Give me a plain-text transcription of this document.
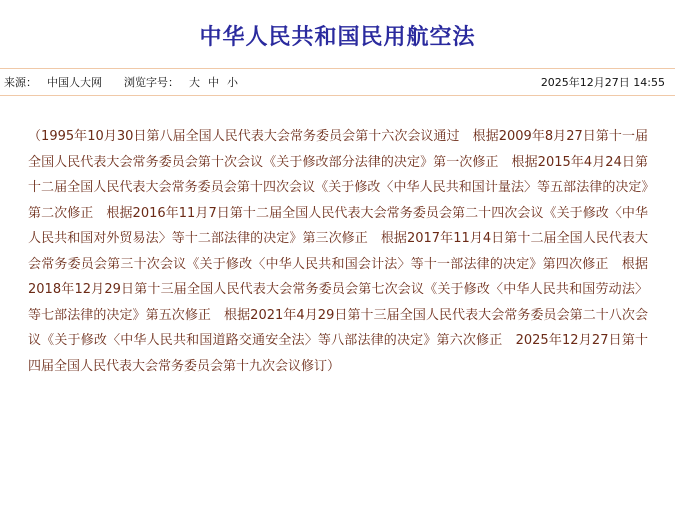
中华人民共和国民用航空法
来源： 中国人大网 浏览字号： 大 中 小	2025年12月27日 14:55

（1995年10月30日第八届全国人民代表大会常务委员会第十六次会议通过　根据2009年8月27日第十一届全国人民代表大会常务委员会第十次会议《关于修改部分法律的决定》第一次修正　根据2015年4月24日第十二届全国人民代表大会常务委员会第十四次会议《关于修改〈中华人民共和国计量法〉等五部法律的决定》第二次修正　根据2016年11月7日第十二届全国人民代表大会常务委员会第二十四次会议《关于修改〈中华人民共和国对外贸易法〉等十二部法律的决定》第三次修正　根据2017年11月4日第十二届全国人民代表大会常务委员会第三十次会议《关于修改〈中华人民共和国会计法〉等十一部法律的决定》第四次修正　根据2018年12月29日第十三届全国人民代表大会常务委员会第七次会议《关于修改〈中华人民共和国劳动法〉等七部法律的决定》第五次修正　根据2021年4月29日第十三届全国人民代表大会常务委员会第二十八次会议《关于修改〈中华人民共和国道路交通安全法〉等八部法律的决定》第六次修正　2025年12月27日第十四届全国人民代表大会常务委员会第十九次会议修订）
